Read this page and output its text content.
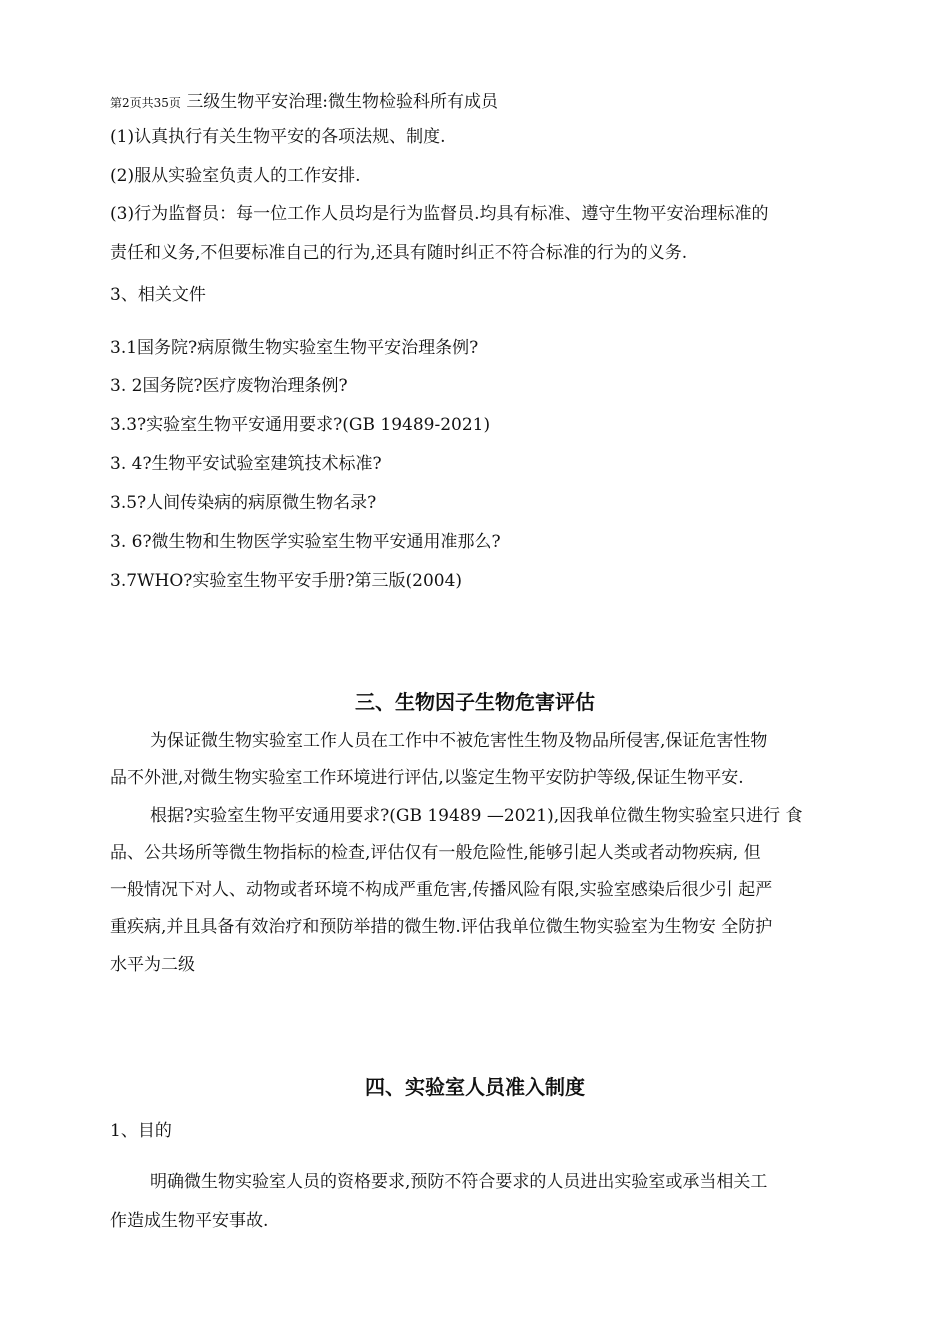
第2页共35页 三级生物平安治理:微生物检验科所有成员
(1)认真执行有关生物平安的各项法规、制度.
(2)服从实验室负责人的工作安排.
(3)行为监督员：每一位工作人员均是行为监督员.均具有标准、遵守生物平安治理标准的
责任和义务,不但要标准自己的行为,还具有随时纠正不符合标准的行为的义务.
3、相关文件
3.1国务院?病原微生物实验室生物平安治理条例?
3. 2国务院?医疗废物治理条例?
3.3?实验室生物平安通用要求?(GB 19489-2021)
3. 4?生物平安试验室建筑技术标准?
3.5?人间传染病的病原微生物名录?
3. 6?微生物和生物医学实验室生物平安通用准那么?
3.7WHO?实验室生物平安手册?第三版(2004)
三、生物因子生物危害评估
为保证微生物实验室工作人员在工作中不被危害性生物及物品所侵害,保证危害性物
品不外泄,对微生物实验室工作环境进行评估,以鉴定生物平安防护等级,保证生物平安.
根据?实验室生物平安通用要求?(GB 19489 —2021),因我单位微生物实验室只进行 食
品、公共场所等微生物指标的检查,评估仅有一般危险性,能够引起人类或者动物疾病, 但
一般情况下对人、动物或者环境不构成严重危害,传播风险有限,实验室感染后很少引 起严
重疾病,并且具备有效治疗和预防举措的微生物.评估我单位微生物实验室为生物安 全防护
水平为二级
四、实验室人员准入制度
1、目的
明确微生物实验室人员的资格要求,预防不符合要求的人员进出实验室或承当相关工
作造成生物平安事故.
